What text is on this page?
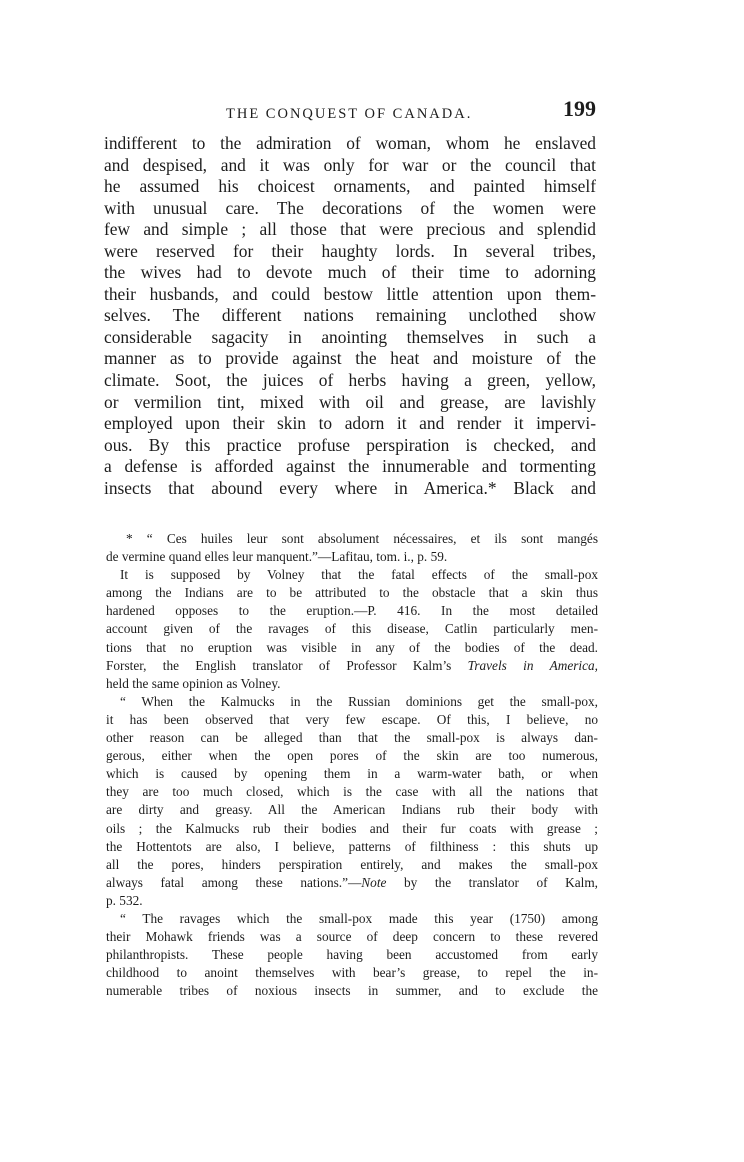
THE CONQUEST OF CANADA.	199
indifferent to the admiration of woman, whom he enslaved
and despised, and it was only for war or the council that
he assumed his choicest ornaments, and painted himself
with unusual care. The decorations of the women were
few and simple ; all those that were precious and splendid
were reserved for their haughty lords. In several tribes,
the wives had to devote much of their time to adorning
their husbands, and could bestow little attention upon them-
selves. The different nations remaining unclothed show
considerable sagacity in anointing themselves in such a
manner as to provide against the heat and moisture of the
climate. Soot, the juices of herbs having a green, yellow,
or vermilion tint, mixed with oil and grease, are lavishly
employed upon their skin to adorn it and render it impervi-
ous. By this practice profuse perspiration is checked, and
a defense is afforded against the innumerable and tormenting
insects that abound every where in America.* Black and
* “ Ces huiles leur sont absolument nécessaires, et ils sont mangés
de vermine quand elles leur manquent.”—Lafitau, tom. i., p. 59.
It is supposed by Volney that the fatal effects of the small-pox
among the Indians are to be attributed to the obstacle that a skin thus
hardened opposes to the eruption.—P. 416. In the most detailed
account given of the ravages of this disease, Catlin particularly men-
tions that no eruption was visible in any of the bodies of the dead.
Forster, the English translator of Professor Kalm’s Travels in America,
held the same opinion as Volney.
“ When the Kalmucks in the Russian dominions get the small-pox,
it has been observed that very few escape. Of this, I believe, no
other reason can be alleged than that the small-pox is always dan-
gerous, either when the open pores of the skin are too numerous,
which is caused by opening them in a warm-water bath, or when
they are too much closed, which is the case with all the nations that
are dirty and greasy. All the American Indians rub their body with
oils ; the Kalmucks rub their bodies and their fur coats with grease ;
the Hottentots are also, I believe, patterns of filthiness : this shuts up
all the pores, hinders perspiration entirely, and makes the small-pox
always fatal among these nations.”—Note by the translator of Kalm,
p. 532.
“ The ravages which the small-pox made this year (1750) among
their Mohawk friends was a source of deep concern to these revered
philanthropists. These people having been accustomed from early
childhood to anoint themselves with bear’s grease, to repel the in-
numerable tribes of noxious insects in summer, and to exclude the
